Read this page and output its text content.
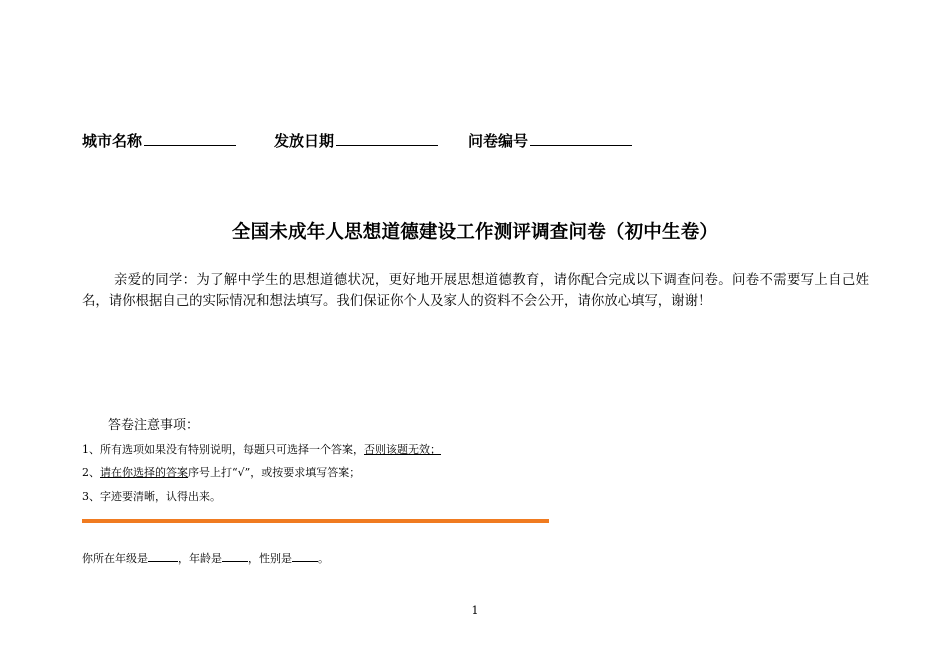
城市名称	发放日期	问卷编号
全国未成年人思想道德建设工作测评调查问卷（初中生卷）

亲爱的同学：为了解中学生的思想道德状况，更好地开展思想道德教育，请你配合完成以下调查问卷。问卷不需要写上自己姓名，请你根据自己的实际情况和想法填写。我们保证你个人及家人的资料不会公开，请你放心填写，谢谢！

答卷注意事项：

1、所有选项如果没有特别说明，每题只可选择一个答案，否则该题无效；

2、请在你选择的答案序号上打“√”，或按要求填写答案；

3、字迹要清晰，认得出来。

你所在年级是	，年龄是 ，性别是 。

1
